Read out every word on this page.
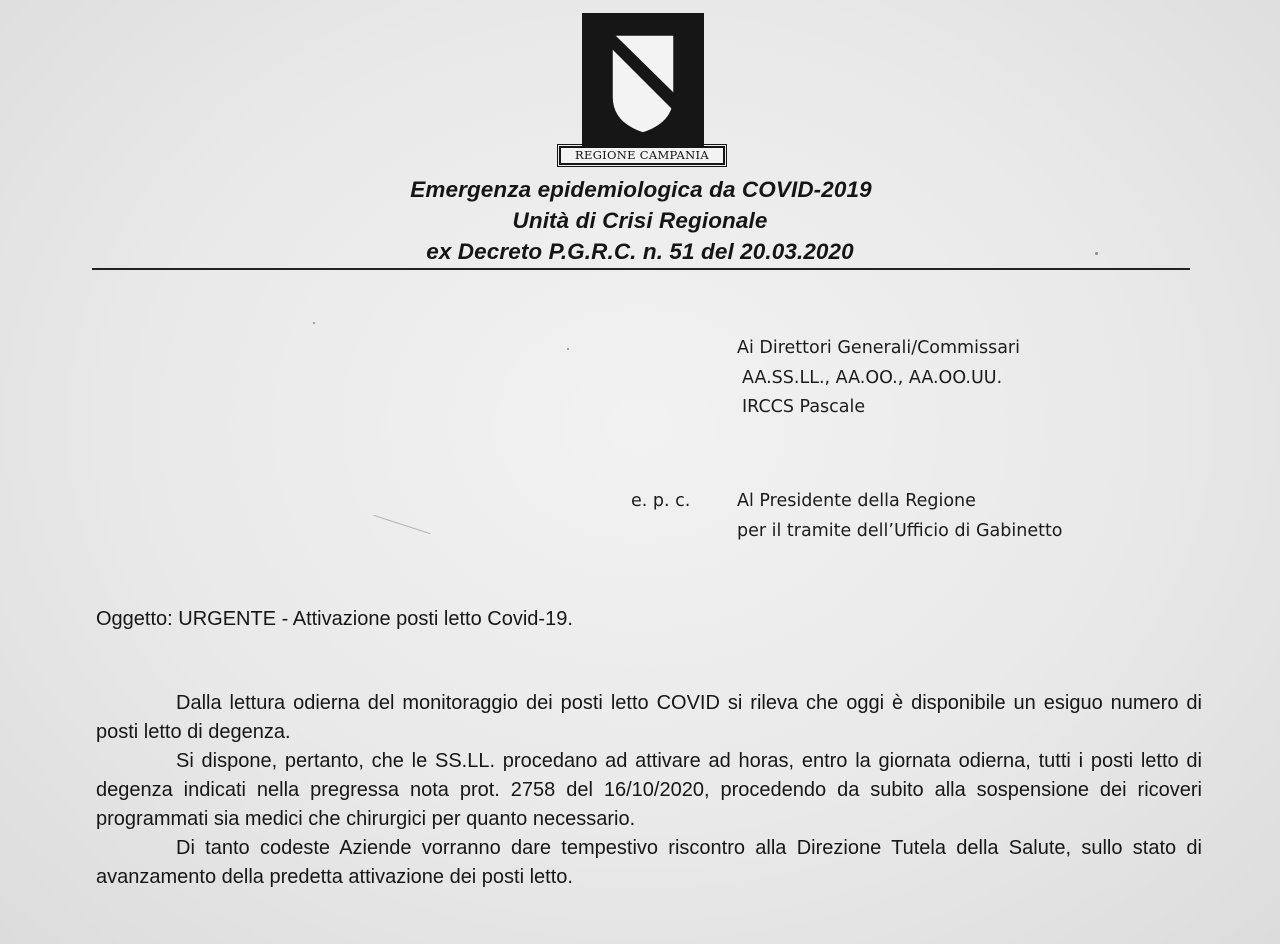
REGIONE CAMPANIA
Emergenza epidemiologica da COVID-2019
Unità di Crisi Regionale
ex Decreto P.G.R.C. n. 51 del 20.03.2020
Ai Direttori Generali/Commissari
AA.SS.LL., AA.OO., AA.OO.UU.
IRCCS Pascale
e. p. c.	Al Presidente della Regione
per il tramite dell’Ufficio di Gabinetto
Oggetto: URGENTE - Attivazione posti letto Covid-19.

Dalla lettura odierna del monitoraggio dei posti letto COVID si rileva che oggi è disponibile un esiguo numero di posti letto di degenza.

Si dispone, pertanto, che le SS.LL. procedano ad attivare ad horas, entro la giornata odierna, tutti i posti letto di degenza indicati nella pregressa nota prot. 2758 del 16/10/2020, procedendo da subito alla sospensione dei ricoveri programmati sia medici che chirurgici per quanto necessario.

Di tanto codeste Aziende vorranno dare tempestivo riscontro alla Direzione Tutela della Salute, sullo stato di avanzamento della predetta attivazione dei posti letto.
